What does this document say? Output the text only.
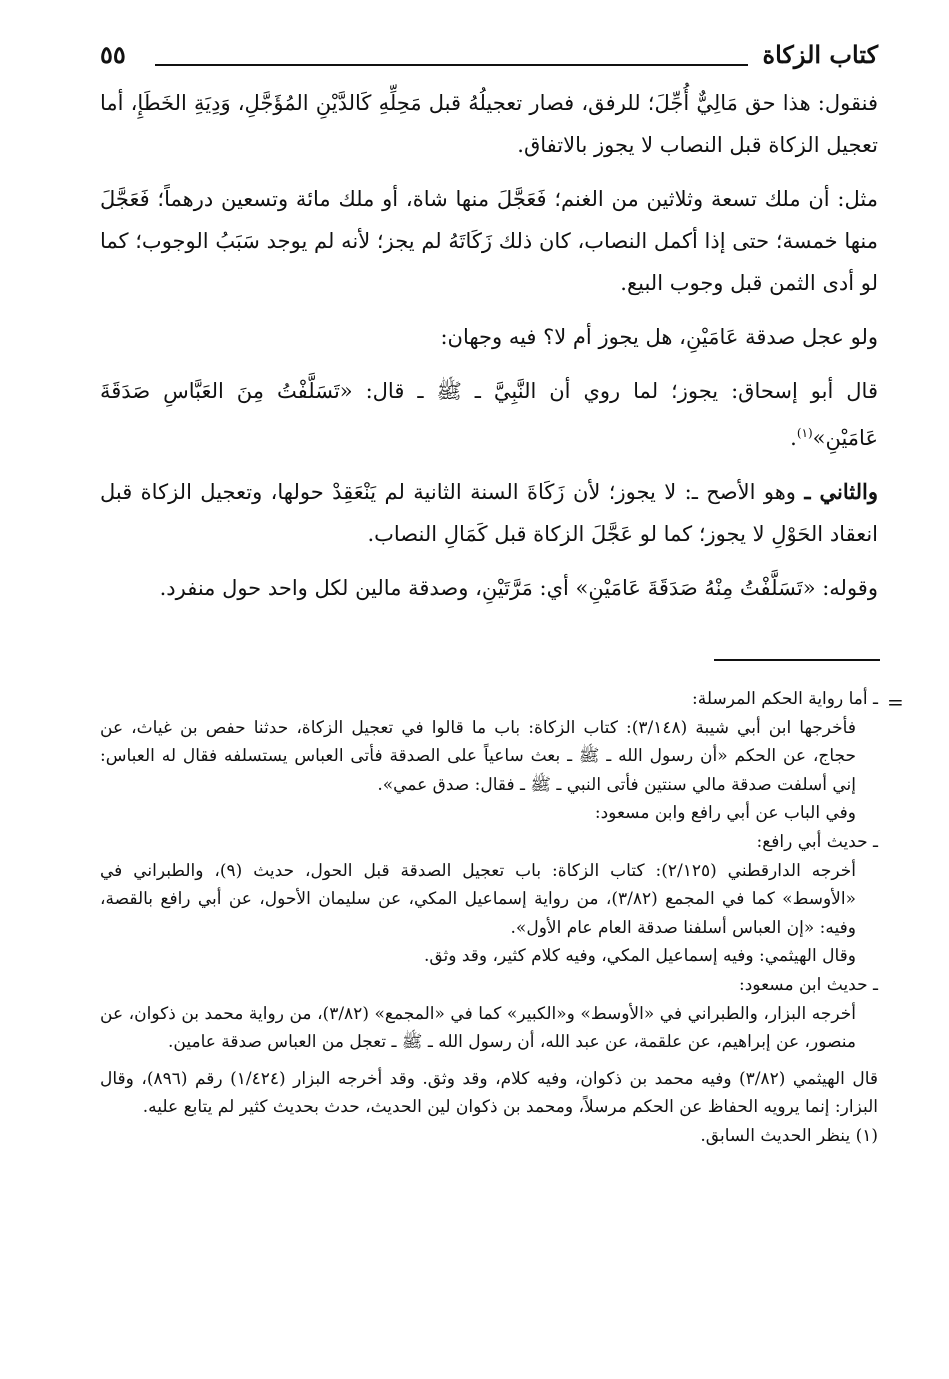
كتاب الزكاة
٥٥

فنقول: هذا حق مَالِيٌّ أُجِّلَ؛ للرفق، فصار تعجيلُهُ قبل مَحِلِّهِ كَالدَّيْنِ المُؤَجَّلِ، وَدِيَةِ الخَطَإِ، أما تعجيل الزكاة قبل النصاب لا يجوز بالاتفاق.

مثل: أن ملك تسعة وثلاثين من الغنم؛ فَعَجَّلَ منها شاة، أو ملك مائة وتسعين درهماً؛ فَعَجَّلَ منها خمسة؛ حتى إذا أكمل النصاب، كان ذلك زَكَاتَهُ لم يجز؛ لأنه لم يوجد سَبَبُ الوجوب؛ كما لو أدى الثمن قبل وجوب البيع.

ولو عجل صدقة عَامَيْنِ، هل يجوز أم لا؟ فيه وجهان:

قال أبو إسحاق: يجوز؛ لما روي أن النَّبِيَّ ـ ﷺ ـ قال: «تَسَلَّفْتُ مِنَ العَبَّاسِ صَدَقَةَ عَامَيْنِ»$^{(١)}$.

والثاني ـ وهو الأصح ـ: لا يجوز؛ لأن زَكَاةَ السنة الثانية لم يَنْعَقِدْ حولها، وتعجيل الزكاة قبل انعقاد الحَوْلِ لا يجوز؛ كما لو عَجَّلَ الزكاة قبل كَمَالِ النصاب.

وقوله: «تَسَلَّفْتُ مِنْهُ صَدَقَةَ عَامَيْنِ» أي: مَرَّتَيْنِ، وصدقة مالين لكل واحد حول منفرد.

=

ـ أما رواية الحكم المرسلة:

فأخرجها ابن أبي شيبة (٣/١٤٨): كتاب الزكاة: باب ما قالوا في تعجيل الزكاة، حدثنا حفص بن غياث، عن حجاج، عن الحكم «أن رسول الله ـ ﷺ ـ بعث ساعياً على الصدقة فأتى العباس يستسلفه فقال له العباس: إني أسلفت صدقة مالي سنتين فأتى النبي ـ ﷺ ـ فقال: صدق عمي».

وفي الباب عن أبي رافع وابن مسعود:

ـ حديث أبي رافع:

أخرجه الدارقطني (٢/١٢٥): كتاب الزكاة: باب تعجيل الصدقة قبل الحول، حديث (٩)، والطبراني في «الأوسط» كما في المجمع (٣/٨٢)، من رواية إسماعيل المكي، عن سليمان الأحول، عن أبي رافع بالقصة، وفيه: «إن العباس أسلفنا صدقة العام عام الأول».

وقال الهيثمي: وفيه إسماعيل المكي، وفيه كلام كثير، وقد وثق.

ـ حديث ابن مسعود:

أخرجه البزار، والطبراني في «الأوسط» و«الكبير» كما في «المجمع» (٣/٨٢)، من رواية محمد بن ذكوان، عن منصور، عن إبراهيم، عن علقمة، عن عبد الله، أن رسول الله ـ ﷺ ـ تعجل من العباس صدقة عامين.

قال الهيثمي (٣/٨٢) وفيه محمد بن ذكوان، وفيه كلام، وقد وثق. وقد أخرجه البزار (١/٤٢٤) رقم (٨٩٦)، وقال البزار: إنما يرويه الحفاظ عن الحكم مرسلاً، ومحمد بن ذكوان لين الحديث، حدث بحديث كثير لم يتابع عليه.

(١) ينظر الحديث السابق.
